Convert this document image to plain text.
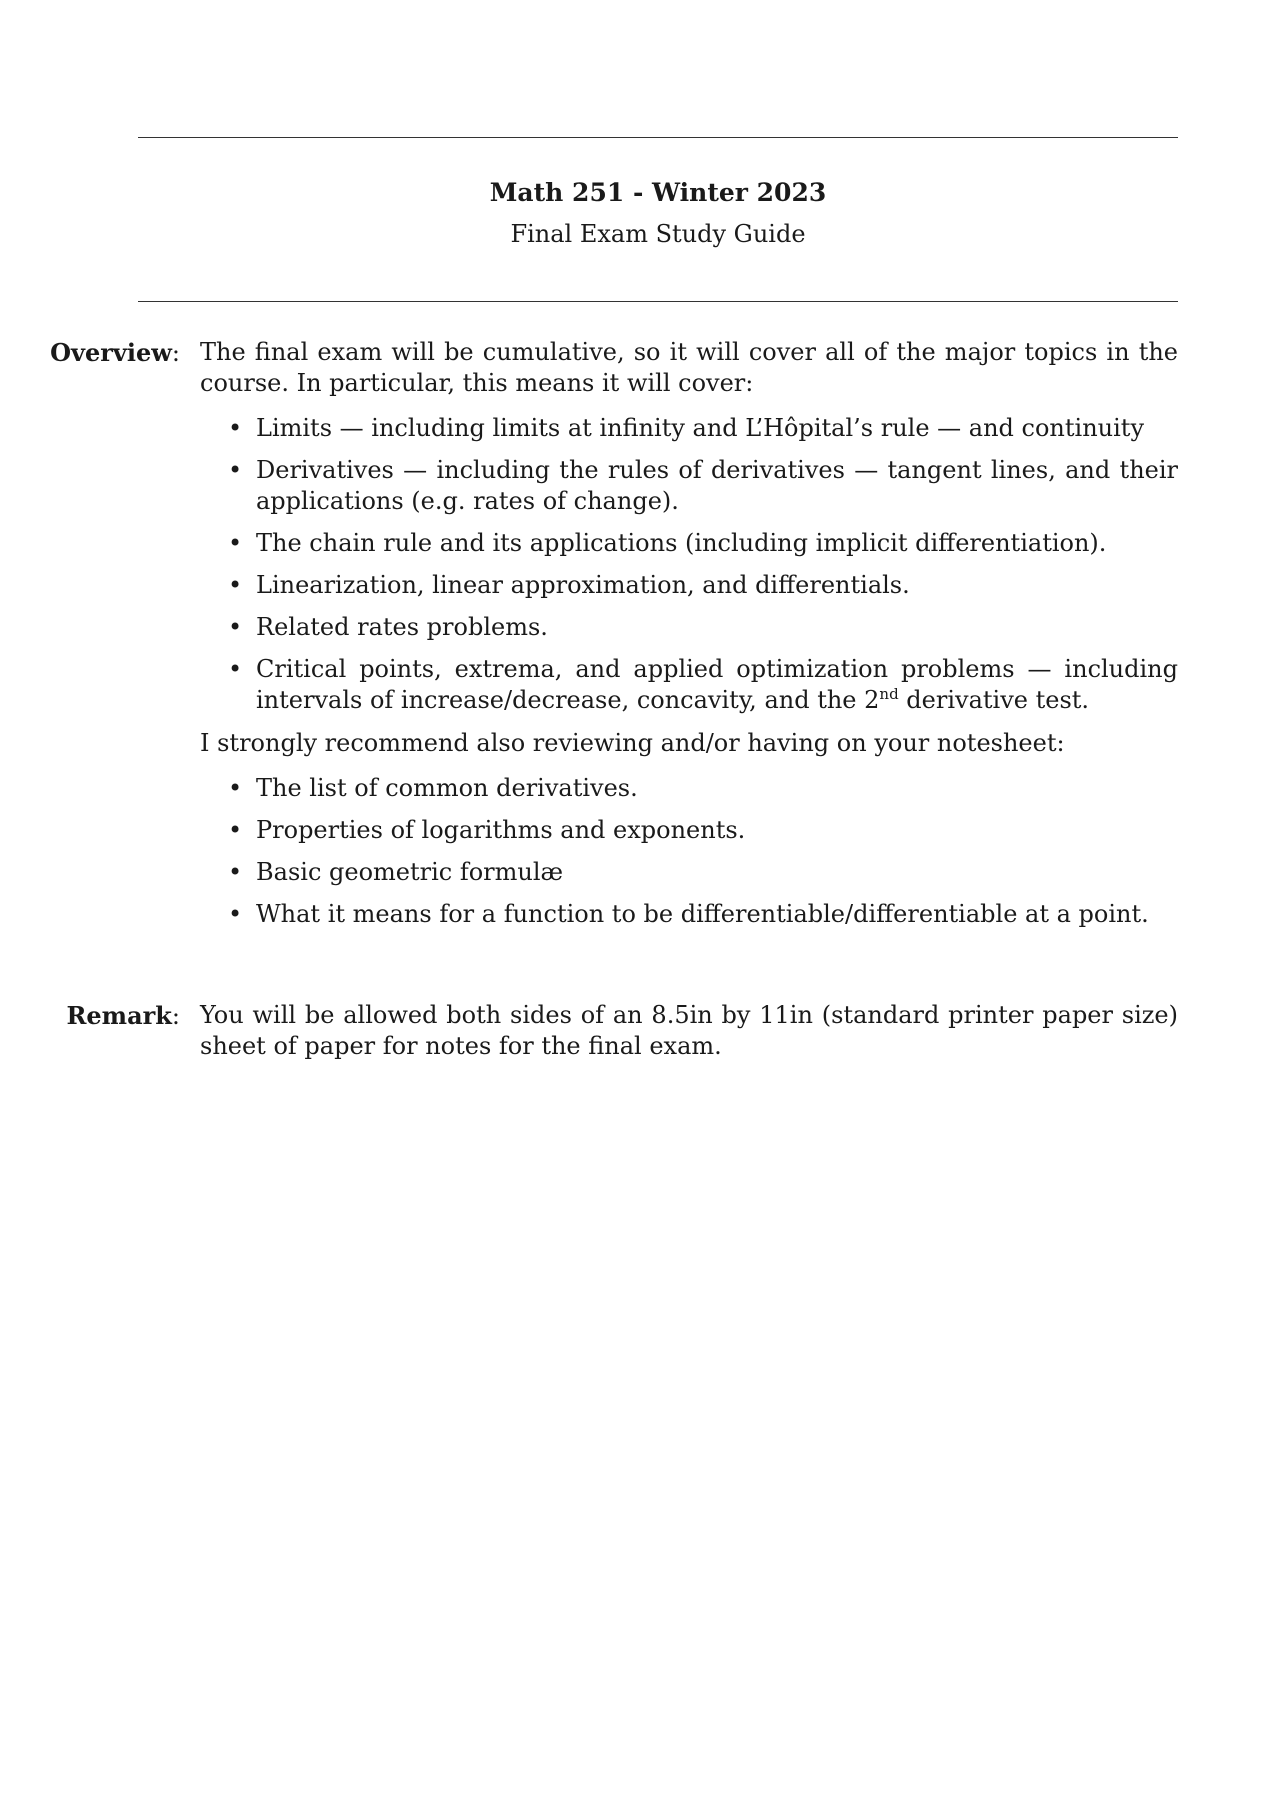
Math 251 - Winter 2023
Final Exam Study Guide
Overview: The final exam will be cumulative, so it will cover all of the major topics in the course. In particular, this means it will cover:

• Limits — including limits at infinity and L’Hôpital’s rule — and continuity
• Derivatives — including the rules of derivatives — tangent lines, and their applications (e.g. rates of change).
• The chain rule and its applications (including implicit differentiation).
• Linearization, linear approximation, and differentials.
• Related rates problems.
• Critical points, extrema, and applied optimization problems — including intervals of increase/decrease, concavity, and the 2nd derivative test.

I strongly recommend also reviewing and/or having on your notesheet:

• The list of common derivatives.
• Properties of logarithms and exponents.
• Basic geometric formulæ
• What it means for a function to be differentiable/differentiable at a point.
Remark: You will be allowed both sides of an 8.5in by 11in (standard printer paper size) sheet of paper for notes for the final exam.
